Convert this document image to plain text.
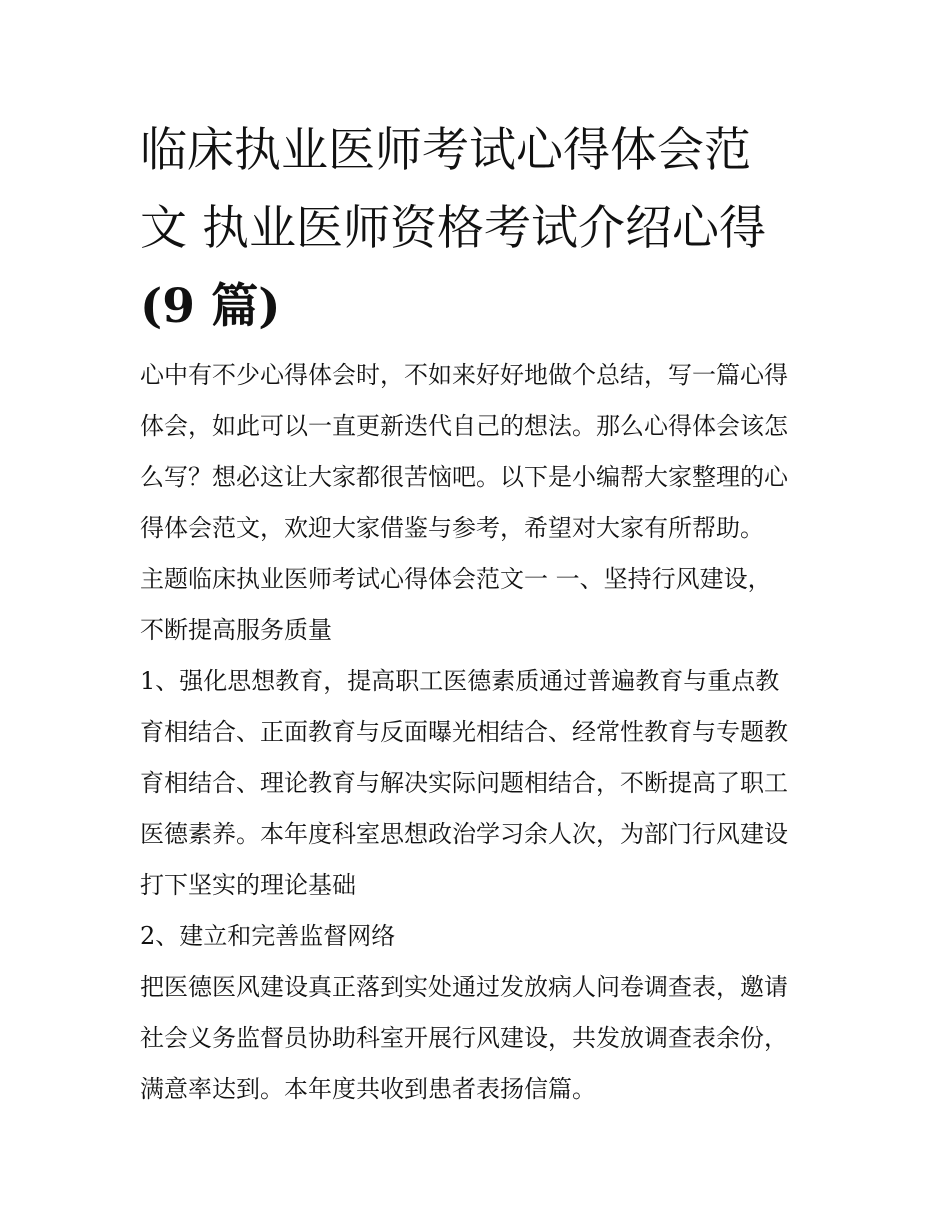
临床执业医师考试心得体会范
文 执业医师资格考试介绍心得
(9 篇)
心中有不少心得体会时，不如来好好地做个总结，写一篇心得
体会，如此可以一直更新迭代自己的想法。那么心得体会该怎
么写？想必这让大家都很苦恼吧。以下是小编帮大家整理的心
得体会范文，欢迎大家借鉴与参考，希望对大家有所帮助。
主题临床执业医师考试心得体会范文一 一、坚持行风建设，
不断提高服务质量
1、强化思想教育，提高职工医德素质通过普遍教育与重点教
育相结合、正面教育与反面曝光相结合、经常性教育与专题教
育相结合、理论教育与解决实际问题相结合，不断提高了职工
医德素养。本年度科室思想政治学习余人次，为部门行风建设
打下坚实的理论基础
2、建立和完善监督网络
把医德医风建设真正落到实处通过发放病人问卷调查表，邀请
社会义务监督员协助科室开展行风建设，共发放调查表余份，
满意率达到。本年度共收到患者表扬信篇。
